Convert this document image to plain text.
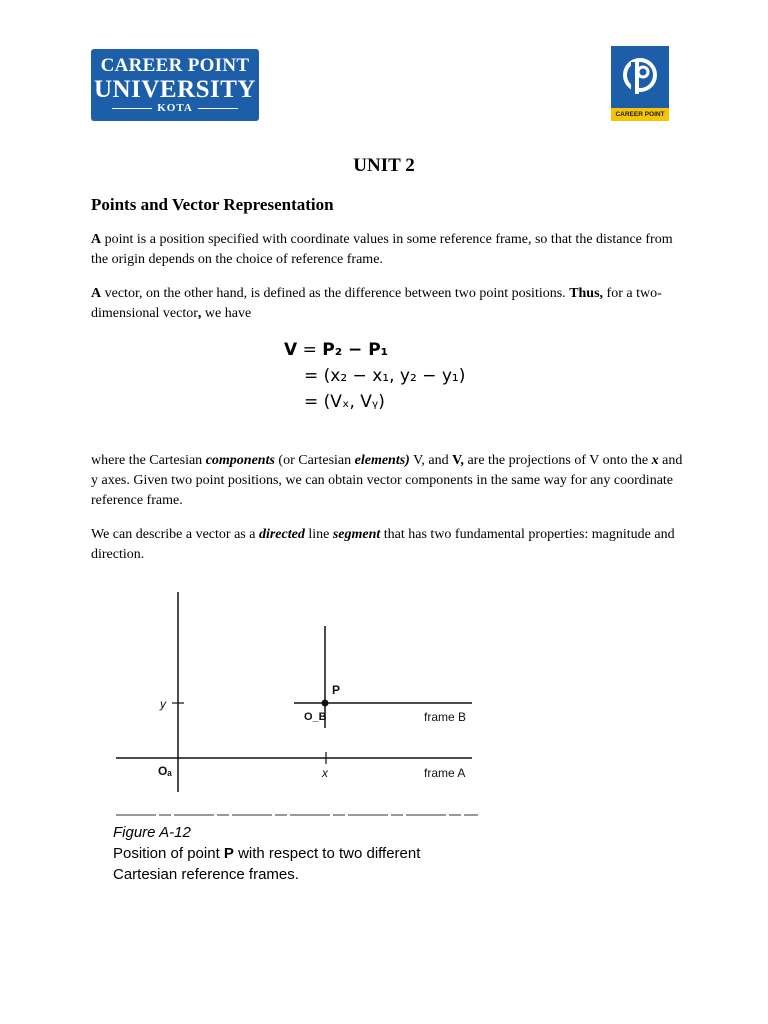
CAREER POINT
UNIVERSITY
KOTA
CAREER POINT
UNIT 2
Points and Vector Representation
A point is a position specified with coordinate values in some reference frame, so that the distance from the origin depends on the choice of reference frame.
A vector, on the other hand, is defined as the difference between two point positions. Thus, for a two-dimensional vector, we have
V = P₂ − P₁
= (x₂ − x₁, y₂ − y₁)
= (Vₓ, Vᵧ)
where the Cartesian components (or Cartesian elements) V, and V, are the projections of V onto the x and y axes. Given two point positions, we can obtain vector components in the same way for any coordinate reference frame.
We can describe a vector as a directed line segment that has two fundamental properties: magnitude and direction.
y
Oₐ	x	frame A
O_B
P
frame B
Figure A-12
Position of point P with respect to two different
Cartesian reference frames.
